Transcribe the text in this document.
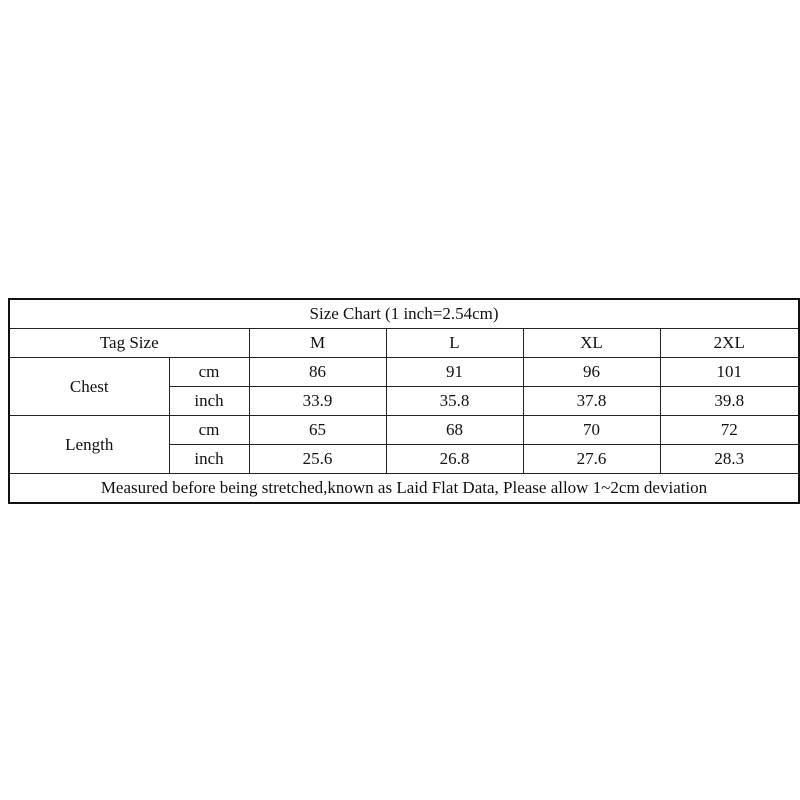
Size Chart (1 inch=2.54cm)					
Tag Size		M	L	XL	2XL
Chest	cm	86	91	96	101
	inch	33.9	35.8	37.8	39.8
Length	cm	65	68	70	72
	inch	25.6	26.8	27.6	28.3
Measured before being stretched,known as Laid Flat Data, Please allow 1~2cm deviation					
